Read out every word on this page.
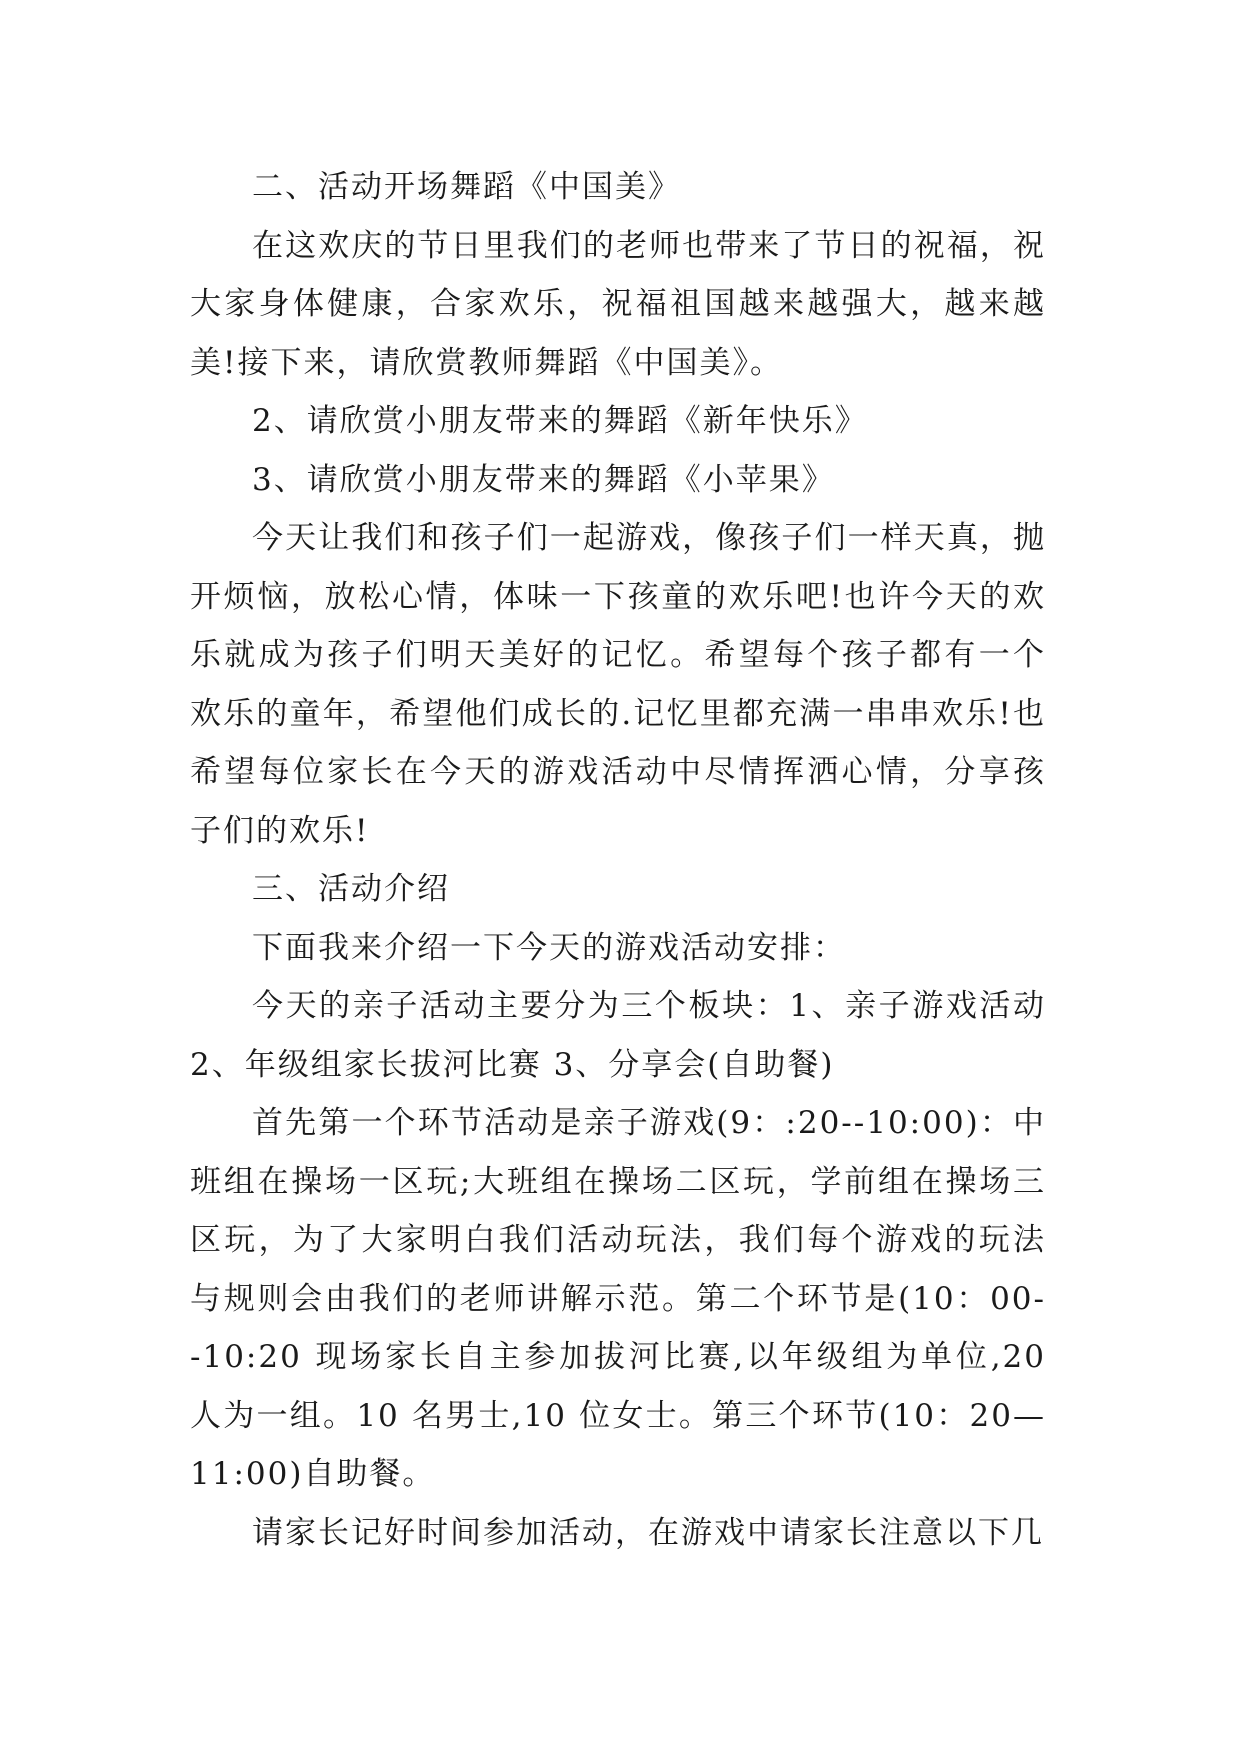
二、活动开场舞蹈《中国美》

在这欢庆的节日里我们的老师也带来了节日的祝福，祝大家身体健康，合家欢乐，祝福祖国越来越强大，越来越美!接下来，请欣赏教师舞蹈《中国美》。

2、请欣赏小朋友带来的舞蹈《新年快乐》

3、请欣赏小朋友带来的舞蹈《小苹果》

今天让我们和孩子们一起游戏，像孩子们一样天真，抛开烦恼，放松心情，体味一下孩童的欢乐吧!也许今天的欢乐就成为孩子们明天美好的记忆。希望每个孩子都有一个欢乐的童年，希望他们成长的.记忆里都充满一串串欢乐!也希望每位家长在今天的游戏活动中尽情挥洒心情，分享孩子们的欢乐!

三、活动介绍

下面我来介绍一下今天的游戏活动安排：

今天的亲子活动主要分为三个板块：1、亲子游戏活动 2、年级组家长拔河比赛 3、分享会(自助餐)

首先第一个环节活动是亲子游戏(9：:20--10:00)：中班组在操场一区玩;大班组在操场二区玩，学前组在操场三区玩，为了大家明白我们活动玩法，我们每个游戏的玩法与规则会由我们的老师讲解示范。第二个环节是(10：00--10:20 现场家长自主参加拔河比赛,以年级组为单位,20 人为一组。10 名男士,10 位女士。第三个环节(10：20—11:00)自助餐。

请家长记好时间参加活动，在游戏中请家长注意以下几
